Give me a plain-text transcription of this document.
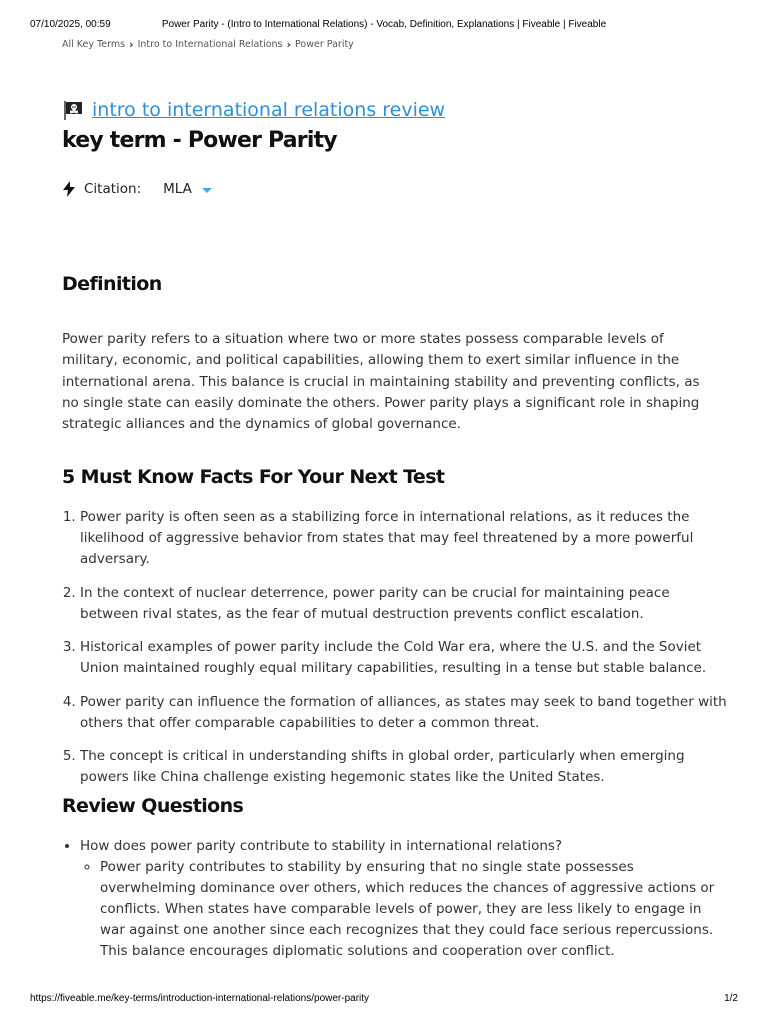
07/10/2025, 00:59	Power Parity - (Intro to International Relations) - Vocab, Definition, Explanations | Fiveable | Fiveable
All Key Terms › Intro to International Relations › Power Parity
intro to international relations review
key term - Power Parity
Citation: MLA
Definition

Power parity refers to a situation where two or more states possess comparable levels of military, economic, and political capabilities, allowing them to exert similar influence in the international arena. This balance is crucial in maintaining stability and preventing conflicts, as no single state can easily dominate the others. Power parity plays a significant role in shaping strategic alliances and the dynamics of global governance.

5 Must Know Facts For Your Next Test
1. Power parity is often seen as a stabilizing force in international relations, as it reduces the likelihood of aggressive behavior from states that may feel threatened by a more powerful adversary.
2. In the context of nuclear deterrence, power parity can be crucial for maintaining peace between rival states, as the fear of mutual destruction prevents conflict escalation.
3. Historical examples of power parity include the Cold War era, where the U.S. and the Soviet Union maintained roughly equal military capabilities, resulting in a tense but stable balance.
4. Power parity can influence the formation of alliances, as states may seek to band together with others that offer comparable capabilities to deter a common threat.
5. The concept is critical in understanding shifts in global order, particularly when emerging powers like China challenge existing hegemonic states like the United States.
Review Questions
• How does power parity contribute to stability in international relations?
◦ Power parity contributes to stability by ensuring that no single state possesses overwhelming dominance over others, which reduces the chances of aggressive actions or conflicts. When states have comparable levels of power, they are less likely to engage in war against one another since each recognizes that they could face serious repercussions. This balance encourages diplomatic solutions and cooperation over conflict.
https://fiveable.me/key-terms/introduction-international-relations/power-parity	1/2
